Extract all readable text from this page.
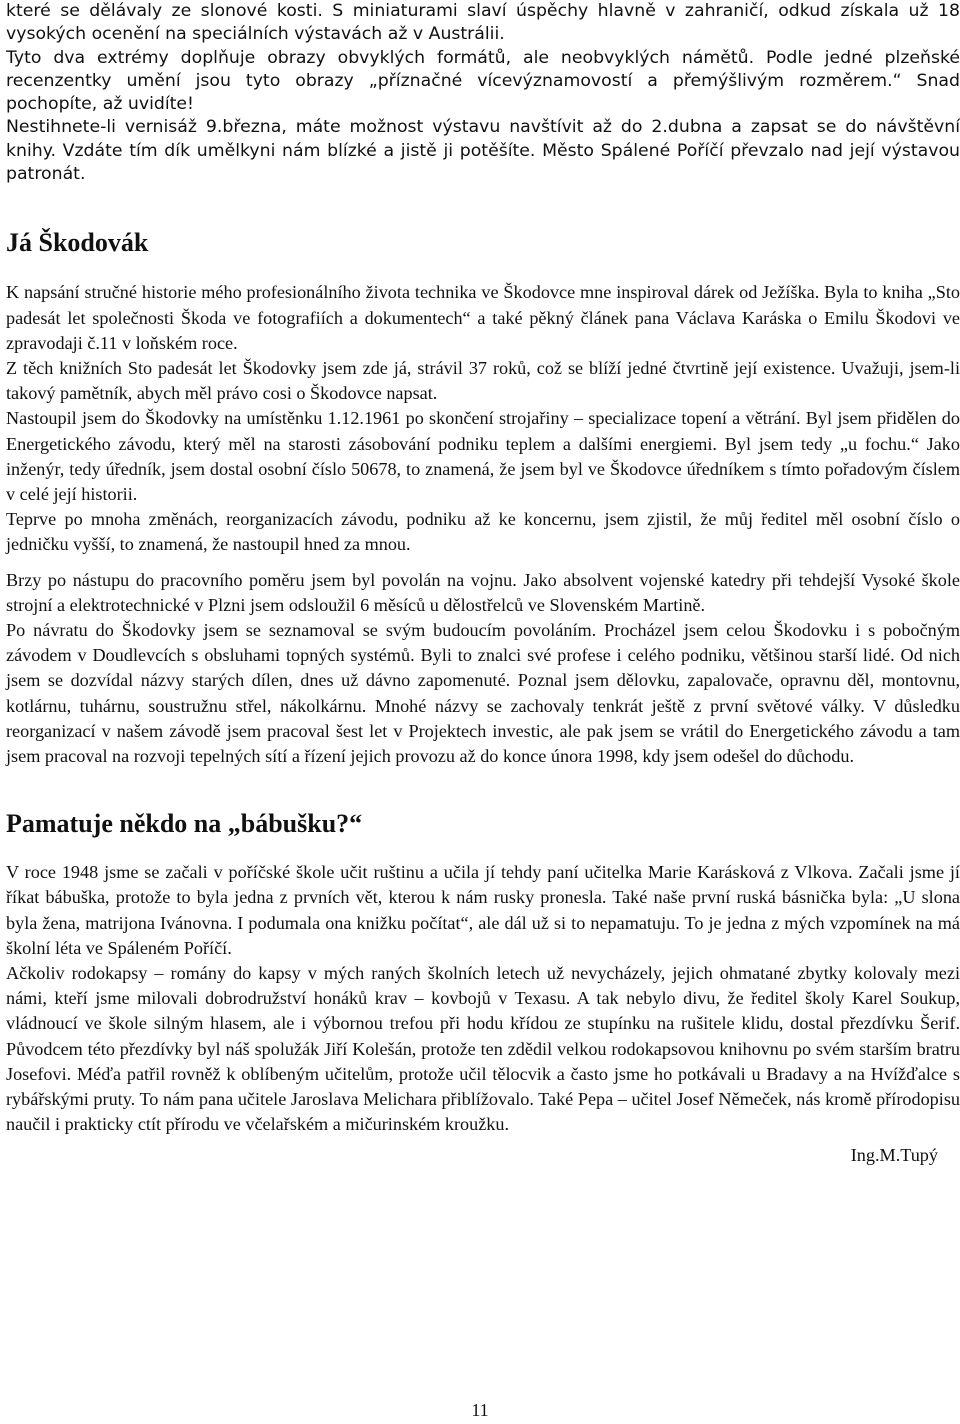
které se dělávaly ze slonové kosti. S miniaturami slaví úspěchy hlavně v zahraničí, odkud získala už 18 vysokých ocenění na speciálních výstavách až v Austrálii.

Tyto dva extrémy doplňuje obrazy obvyklých formátů, ale neobvyklých námětů. Podle jedné plzeňské recenzentky umění jsou tyto obrazy „příznačné vícevýznamovostí a přemýšlivým rozměrem.“ Snad pochopíte, až uvidíte!

Nestihnete-li vernisáž 9.března, máte možnost výstavu navštívit až do 2.dubna a zapsat se do návštěvní knihy. Vzdáte tím dík umělkyni nám blízké a jistě ji potěšíte. Město Spálené Poříčí převzalo nad její výstavou patronát.

Já Škodovák

K napsání stručné historie mého profesionálního života technika ve Škodovce mne inspiroval dárek od Ježíška. Byla to kniha „Sto padesát let společnosti Škoda ve fotografiích a dokumentech“ a také pěkný článek pana Václava Karáska o Emilu Škodovi ve zpravodaji č.11 v loňském roce.

Z těch knižních Sto padesát let Škodovky jsem zde já, strávil 37 roků, což se blíží jedné čtvrtině její existence. Uvažuji, jsem-li takový pamětník, abych měl právo cosi o Škodovce napsat.

Nastoupil jsem do Škodovky na umístěnku 1.12.1961 po skončení strojařiny – specializace topení a větrání. Byl jsem přidělen do Energetického závodu, který měl na starosti zásobování podniku teplem a dalšími energiemi. Byl jsem tedy „u fochu.“ Jako inženýr, tedy úředník, jsem dostal osobní číslo 50678, to znamená, že jsem byl ve Škodovce úředníkem s tímto pořadovým číslem v celé její historii.

Teprve po mnoha změnách, reorganizacích závodu, podniku až ke koncernu, jsem zjistil, že můj ředitel měl osobní číslo o jedničku vyšší, to znamená, že nastoupil hned za mnou.

Brzy po nástupu do pracovního poměru jsem byl povolán na vojnu. Jako absolvent vojenské katedry při tehdejší Vysoké škole strojní a elektrotechnické v Plzni jsem odsloužil 6 měsíců u dělostřelců ve Slovenském Martině.

Po návratu do Škodovky jsem se seznamoval se svým budoucím povoláním. Procházel jsem celou Škodovku i s pobočným závodem v Doudlevcích s obsluhami topných systémů. Byli to znalci své profese i celého podniku, většinou starší lidé. Od nich jsem se dozvídal názvy starých dílen, dnes už dávno zapomenuté. Poznal jsem dělovku, zapalovače, opravnu děl, montovnu, kotlárnu, tuhárnu, soustružnu střel, nákolkárnu. Mnohé názvy se zachovaly tenkrát ještě z první světové války. V důsledku reorganizací v našem závodě jsem pracoval šest let v Projektech investic, ale pak jsem se vrátil do Energetického závodu a tam jsem pracoval na rozvoji tepelných sítí a řízení jejich provozu až do konce února 1998, kdy jsem odešel do důchodu.

Pamatuje někdo na „bábušku?“

V roce 1948 jsme se začali v poříčské škole učit ruštinu a učila jí tehdy paní učitelka Marie Karásková z Vlkova. Začali jsme jí říkat bábuška, protože to byla jedna z prvních vět, kterou k nám rusky pronesla. Také naše první ruská básnička byla: „U slona byla žena, matrijona Ivánovna. I podumala ona knižku počítat“, ale dál už si to nepamatuju. To je jedna z mých vzpomínek na má školní léta ve Spáleném Poříčí.

Ačkoliv rodokapsy – romány do kapsy v mých raných školních letech už nevycházely, jejich ohmatané zbytky kolovaly mezi námi, kteří jsme milovali dobrodružství honáků krav – kovbojů v Texasu. A tak nebylo divu, že ředitel školy Karel Soukup, vládnoucí ve škole silným hlasem, ale i výbornou trefou při hodu křídou ze stupínku na rušitele klidu, dostal přezdívku Šerif. Původcem této přezdívky byl náš spolužák Jiří Kolešán, protože ten zdědil velkou rodokapsovou knihovnu po svém starším bratru Josefovi. Méďa patřil rovněž k oblíbeným učitelům, protože učil tělocvik a často jsme ho potkávali u Bradavy a na Hvížďalce s rybářskými pruty. To nám pana učitele Jaroslava Melichara přiblížovalo. Také Pepa – učitel Josef Němeček, nás kromě přírodopisu naučil i prakticky ctít přírodu ve včelařském a mičurinském kroužku.

Ing.M.Tupý
11
